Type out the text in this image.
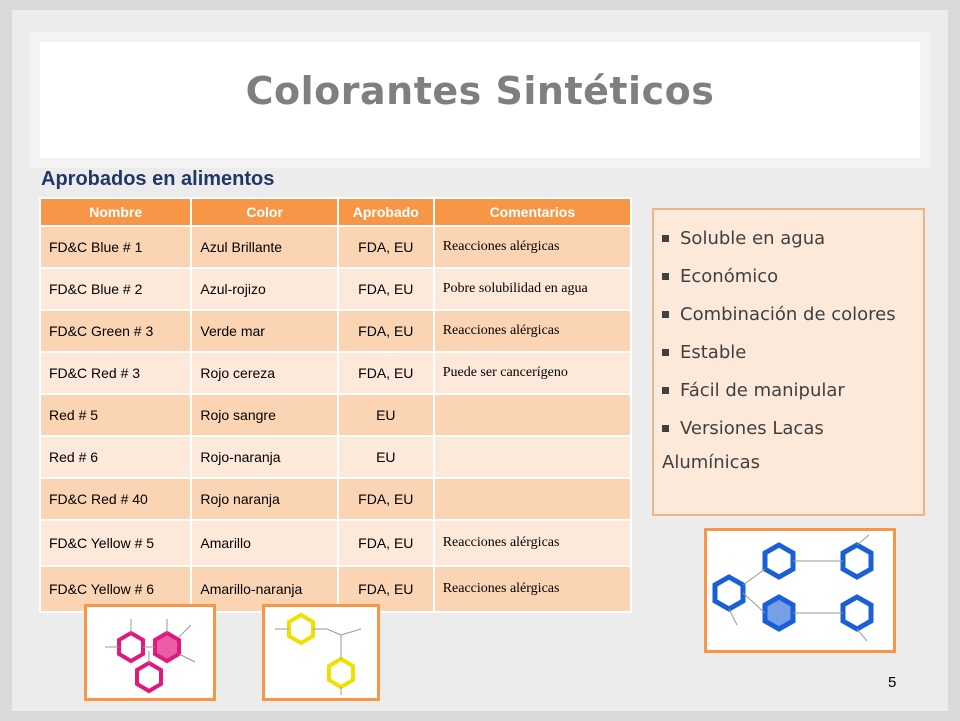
Colorantes Sintéticos
Aprobados en alimentos
Nombre	Color	Aprobado	Comentarios
FD&C Blue # 1	Azul Brillante	FDA, EU	Reacciones alérgicas
FD&C Blue # 2	Azul-rojizo	FDA, EU	Pobre solubilidad en agua
FD&C Green # 3	Verde mar	FDA, EU	Reacciones alérgicas
FD&C Red # 3	Rojo cereza	FDA, EU	Puede ser cancerígeno
Red # 5	Rojo sangre	EU	
Red # 6	Rojo-naranja	EU	
FD&C Red # 40	Rojo naranja	FDA, EU	
FD&C Yellow # 5	Amarillo	FDA, EU	Reacciones alérgicas
FD&C Yellow # 6	Amarillo-naranja	FDA, EU	Reacciones alérgicas
Soluble en agua
Económico
Combinación de colores
Estable
Fácil de manipular
Versiones Lacas
Alumínicas
5
